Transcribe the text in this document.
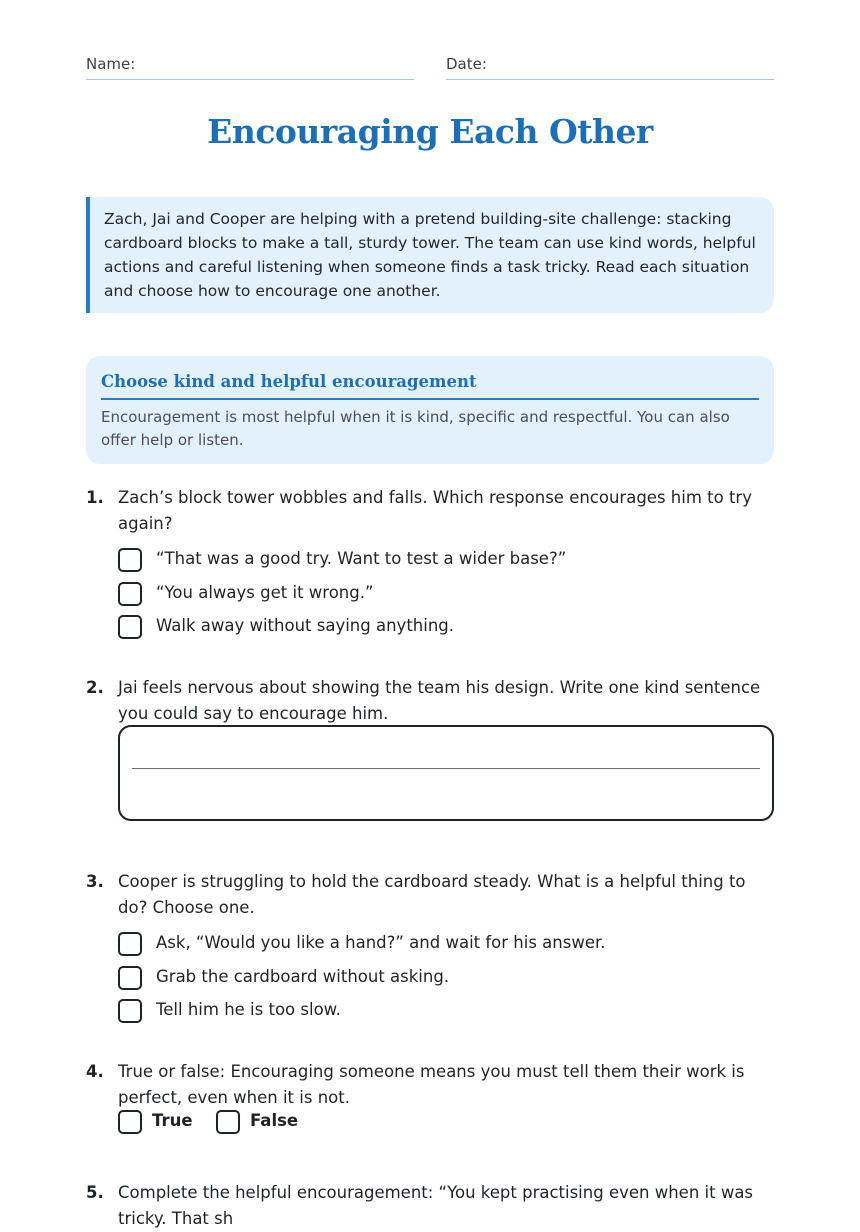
Name:	Date:
Encouraging Each Other
Zach, Jai and Cooper are helping with a pretend building-site challenge: stacking cardboard blocks to make a tall, sturdy tower. The team can use kind words, helpful actions and careful listening when someone finds a task tricky. Read each situation and choose how to encourage one another.
Choose kind and helpful encouragement
Encouragement is most helpful when it is kind, specific and respectful. You can also offer help or listen.
1. Zach’s block tower wobbles and falls. Which response encourages him to try again?
“That was a good try. Want to test a wider base?”
“You always get it wrong.”
Walk away without saying anything.
2. Jai feels nervous about showing the team his design. Write one kind sentence you could say to encourage him.
3. Cooper is struggling to hold the cardboard steady. What is a helpful thing to do? Choose one.
Ask, “Would you like a hand?” and wait for his answer.
Grab the cardboard without asking.
Tell him he is too slow.
4. True or false: Encouraging someone means you must tell them their work is perfect, even when it is not.
True	False
5. Complete the helpful encouragement: “You kept practising even when it was tricky. That sh
